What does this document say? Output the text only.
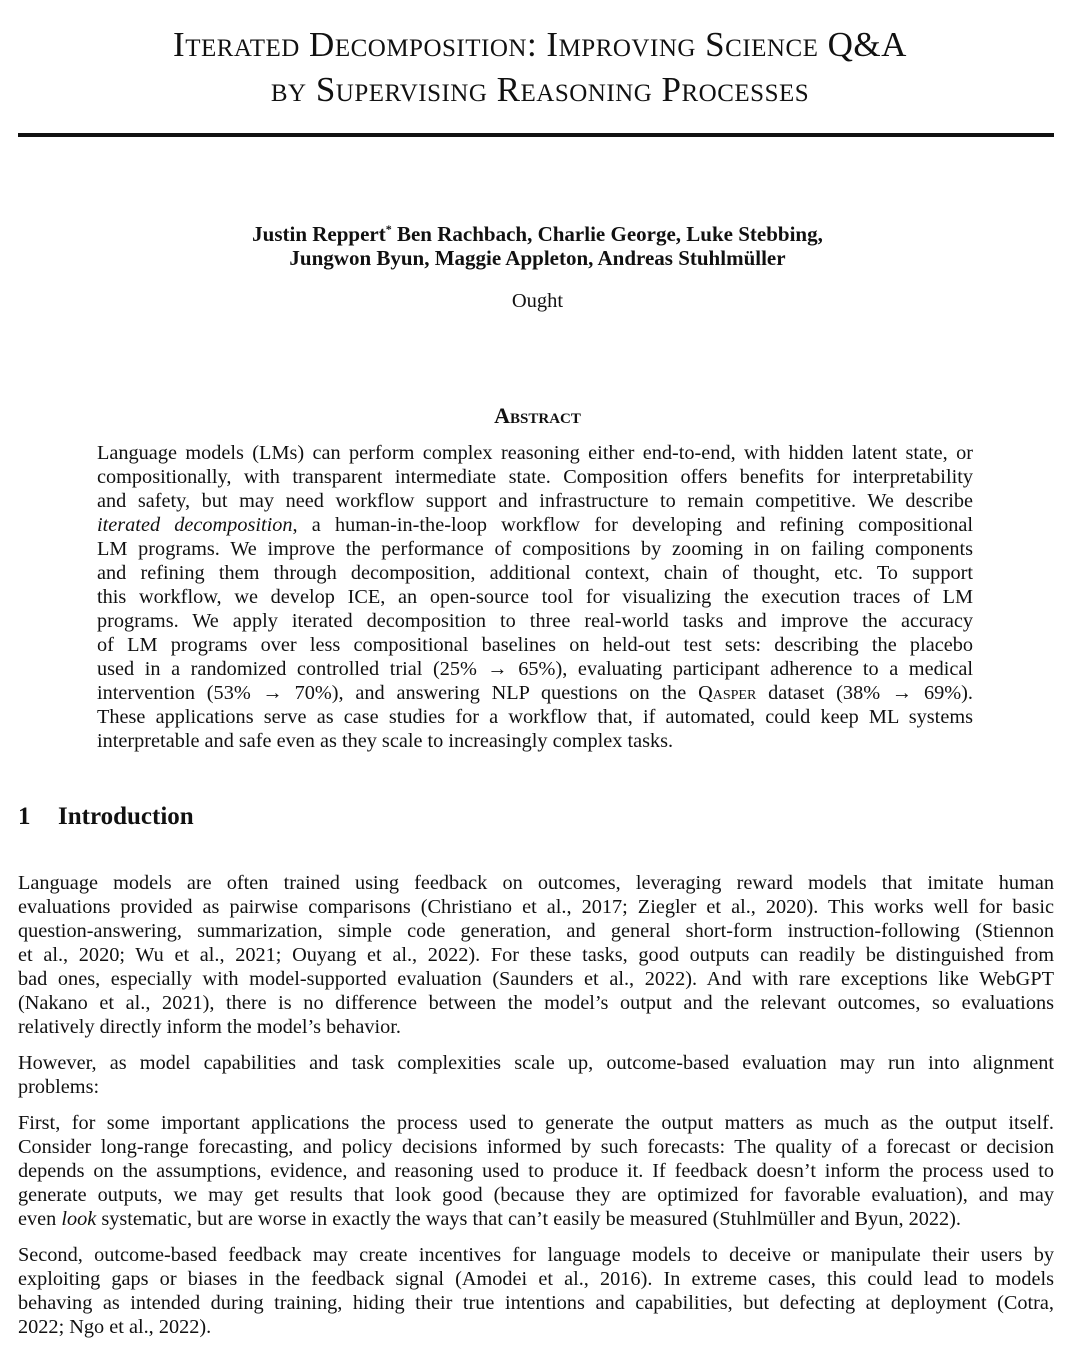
Iterated Decomposition: Improving Science Q&A
by Supervising Reasoning Processes
Justin Reppert* Ben Rachbach, Charlie George, Luke Stebbing,
Jungwon Byun, Maggie Appleton, Andreas Stuhlmüller
Ought
Abstract
Language models (LMs) can perform complex reasoning either end-to-end, with hidden latent state, or
compositionally, with transparent intermediate state. Composition offers benefits for interpretability
and safety, but may need workflow support and infrastructure to remain competitive. We describe
iterated decomposition, a human-in-the-loop workflow for developing and refining compositional
LM programs. We improve the performance of compositions by zooming in on failing components
and refining them through decomposition, additional context, chain of thought, etc. To support
this workflow, we develop ICE, an open-source tool for visualizing the execution traces of LM
programs. We apply iterated decomposition to three real-world tasks and improve the accuracy
of LM programs over less compositional baselines on held-out test sets: describing the placebo
used in a randomized controlled trial (25% → 65%), evaluating participant adherence to a medical
intervention (53% → 70%), and answering NLP questions on the Qasper dataset (38% → 69%).
These applications serve as case studies for a workflow that, if automated, could keep ML systems
interpretable and safe even as they scale to increasingly complex tasks.
1 Introduction
Language models are often trained using feedback on outcomes, leveraging reward models that imitate human
evaluations provided as pairwise comparisons (Christiano et al., 2017; Ziegler et al., 2020). This works well for basic
question-answering, summarization, simple code generation, and general short-form instruction-following (Stiennon
et al., 2020; Wu et al., 2021; Ouyang et al., 2022). For these tasks, good outputs can readily be distinguished from
bad ones, especially with model-supported evaluation (Saunders et al., 2022). And with rare exceptions like WebGPT
(Nakano et al., 2021), there is no difference between the model’s output and the relevant outcomes, so evaluations
relatively directly inform the model’s behavior.
However, as model capabilities and task complexities scale up, outcome-based evaluation may run into alignment
problems:
First, for some important applications the process used to generate the output matters as much as the output itself.
Consider long-range forecasting, and policy decisions informed by such forecasts: The quality of a forecast or decision
depends on the assumptions, evidence, and reasoning used to produce it. If feedback doesn’t inform the process used to
generate outputs, we may get results that look good (because they are optimized for favorable evaluation), and may
even look systematic, but are worse in exactly the ways that can’t easily be measured (Stuhlmüller and Byun, 2022).
Second, outcome-based feedback may create incentives for language models to deceive or manipulate their users by
exploiting gaps or biases in the feedback signal (Amodei et al., 2016). In extreme cases, this could lead to models
behaving as intended during training, hiding their true intentions and capabilities, but defecting at deployment (Cotra,
2022; Ngo et al., 2022).
